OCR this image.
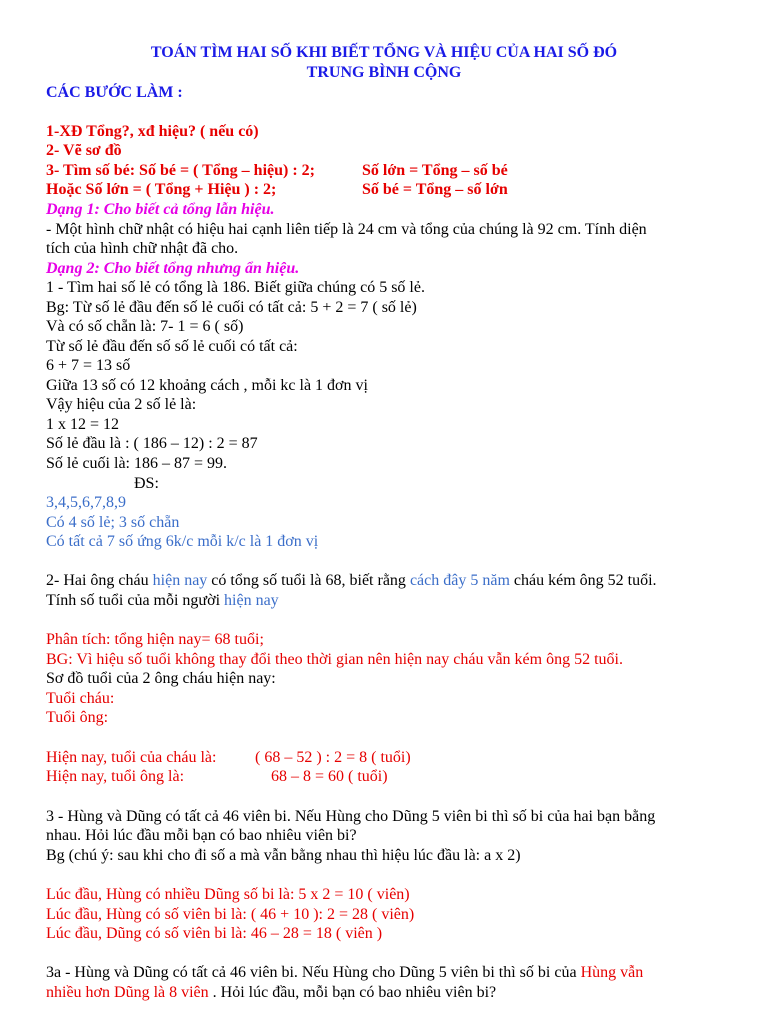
TOÁN TÌM HAI SỐ KHI BIẾT TỔNG VÀ HIỆU CỦA HAI SỐ ĐÓ
TRUNG BÌNH CỘNG
CÁC BƯỚC LÀM :
1-XĐ Tổng?, xđ hiệu? ( nếu có)
2- Vẽ sơ đồ
3- Tìm số bé: Số bé = ( Tổng – hiệu) : 2;	Số lớn = Tổng – số bé
Hoặc Số lớn = ( Tổng + Hiệu ) : 2;	Số bé = Tổng – số lớn
Dạng 1: Cho biết cả tổng lẫn hiệu.
- Một hình chữ nhật có hiệu hai cạnh liên tiếp là 24 cm và tổng của chúng là 92 cm. Tính diện
tích của hình chữ nhật đã cho.
Dạng 2: Cho biết tổng nhưng ẩn hiệu.
1 - Tìm hai số lẻ có tổng là 186. Biết giữa chúng có 5 số lẻ.
Bg: Từ số lẻ đầu đến số lẻ cuối có tất cả: 5 + 2 = 7 ( số lẻ)
Và có số chẵn là: 7- 1 = 6 ( số)
Từ số lẻ đầu đến số số lẻ cuối có tất cả:
6 + 7 = 13 số
Giữa 13 số có 12 khoảng cách , mỗi kc là 1 đơn vị
Vậy hiệu của 2 số lẻ là:
1 x 12 = 12
Số lẻ đầu là : ( 186 – 12) : 2 = 87
Số lẻ cuối là: 186 – 87 = 99.
ĐS:
3,4,5,6,7,8,9
Có 4 số lẻ; 3 số chẵn
Có tất cả 7 số ứng 6k/c mỗi k/c là 1 đơn vị
2- Hai ông cháu hiện nay có tổng số tuổi là 68, biết rằng cách đây 5 năm cháu kém ông 52 tuổi.
Tính số tuổi của mỗi người hiện nay
Phân tích: tổng hiện nay= 68 tuổi;
BG: Vì hiệu số tuổi không thay đổi theo thời gian nên hiện nay cháu vẫn kém ông 52 tuổi.
Sơ đồ tuổi của 2 ông cháu hiện nay:
Tuổi cháu:
Tuổi ông:
Hiện nay, tuổi của cháu là: ( 68 – 52 ) : 2 = 8 ( tuổi)
Hiện nay, tuổi ông là:	68 – 8 = 60 ( tuổi)
3 - Hùng và Dũng có tất cả 46 viên bi. Nếu Hùng cho Dũng 5 viên bi thì số bi của hai bạn bằng
nhau. Hỏi lúc đầu mỗi bạn có bao nhiêu viên bi?
Bg (chú ý: sau khi cho đi số a mà vẫn bằng nhau thì hiệu lúc đầu là: a x 2)
Lúc đầu, Hùng có nhiều Dũng số bi là: 5 x 2 = 10 ( viên)
Lúc đầu, Hùng có số viên bi là: ( 46 + 10 ): 2 = 28 ( viên)
Lúc đầu, Dũng có số viên bi là: 46 – 28 = 18 ( viên )
3a - Hùng và Dũng có tất cả 46 viên bi. Nếu Hùng cho Dũng 5 viên bi thì số bi của Hùng vẫn
nhiều hơn Dũng là 8 viên . Hỏi lúc đầu, mỗi bạn có bao nhiêu viên bi?
